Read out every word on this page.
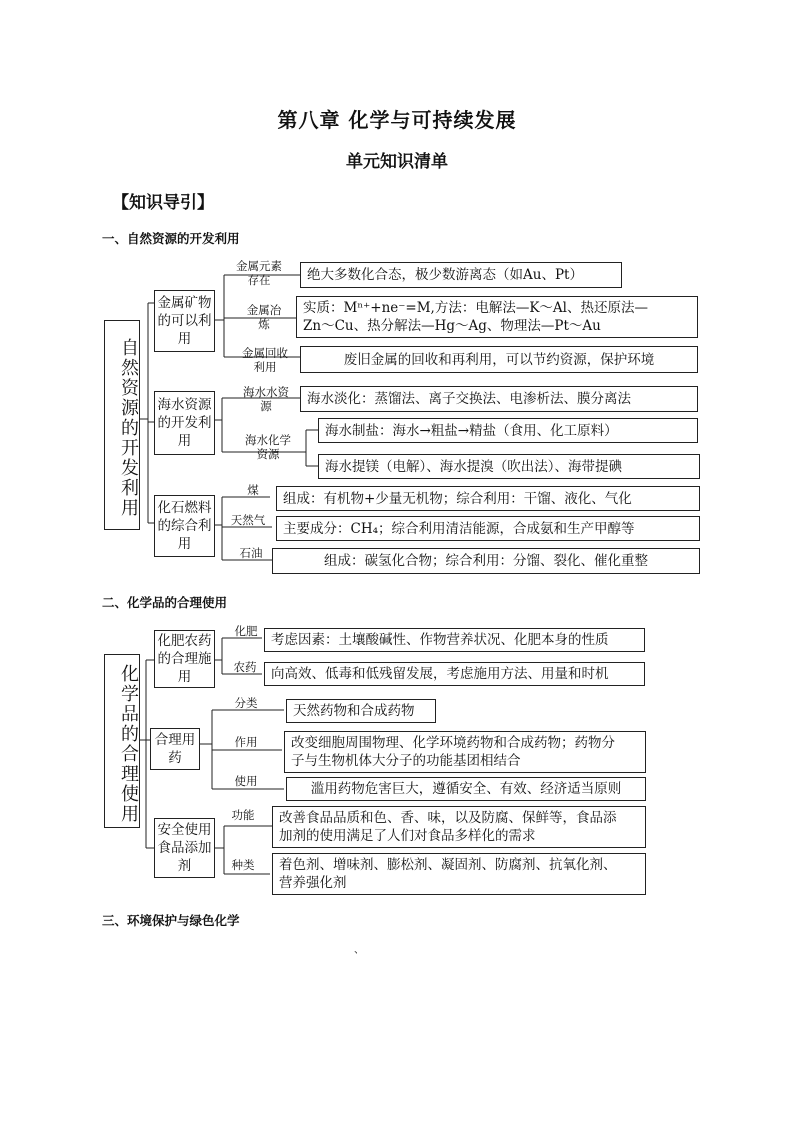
第八章 化学与可持续发展
单元知识清单
【知识导引】
一、自然资源的开发利用
二、化学品的合理使用
三、环境保护与绿色化学
自然资源的开发利用
金属矿物的可以利用
金属元素存在	绝大多数化合态，极少数游离态（如Au、Pt）
金属冶炼
实质：Mⁿ⁺+ne⁻=M,方法：电解法—K～Al、热还原法—
Zn～Cu、热分解法—Hg～Ag、物理法—Pt～Au
金属回收利用	废旧金属的回收和再利用，可以节约资源，保护环境
海水资源的开发利用
海水水资源	海水淡化：蒸馏法、离子交换法、电渗析法、膜分离法
海水化学资源
海水制盐：海水→粗盐→精盐（食用、化工原料）
海水提镁（电解）、海水提溴（吹出法）、海带提碘
化石燃料的综合利用
煤
组成：有机物+少量无机物；综合利用：干馏、液化、气化
天然气
主要成分：CH₄；综合利用清洁能源，合成氨和生产甲醇等
石油	组成：碳氢化合物；综合利用：分馏、裂化、催化重整
化学品的合理使用
化肥农药的合理施用
化肥
考虑因素：土壤酸碱性、作物营养状况、化肥本身的性质
农药	向高效、低毒和低残留发展，考虑施用方法、用量和时机
合理用药
分类	天然药物和合成药物
作用 改变细胞周围物理、化学环境药物和合成药物；药物分
子与生物机体大分子的功能基团相结合
使用	滥用药物危害巨大，遵循安全、有效、经济适当原则
安全使用食品添加剂
功能 改善食品品质和色、香、味，以及防腐、保鲜等，食品添
加剂的使用满足了人们对食品多样化的需求
种类 着色剂、增味剂、膨松剂、凝固剂、防腐剂、抗氧化剂、
营养强化剂
、
